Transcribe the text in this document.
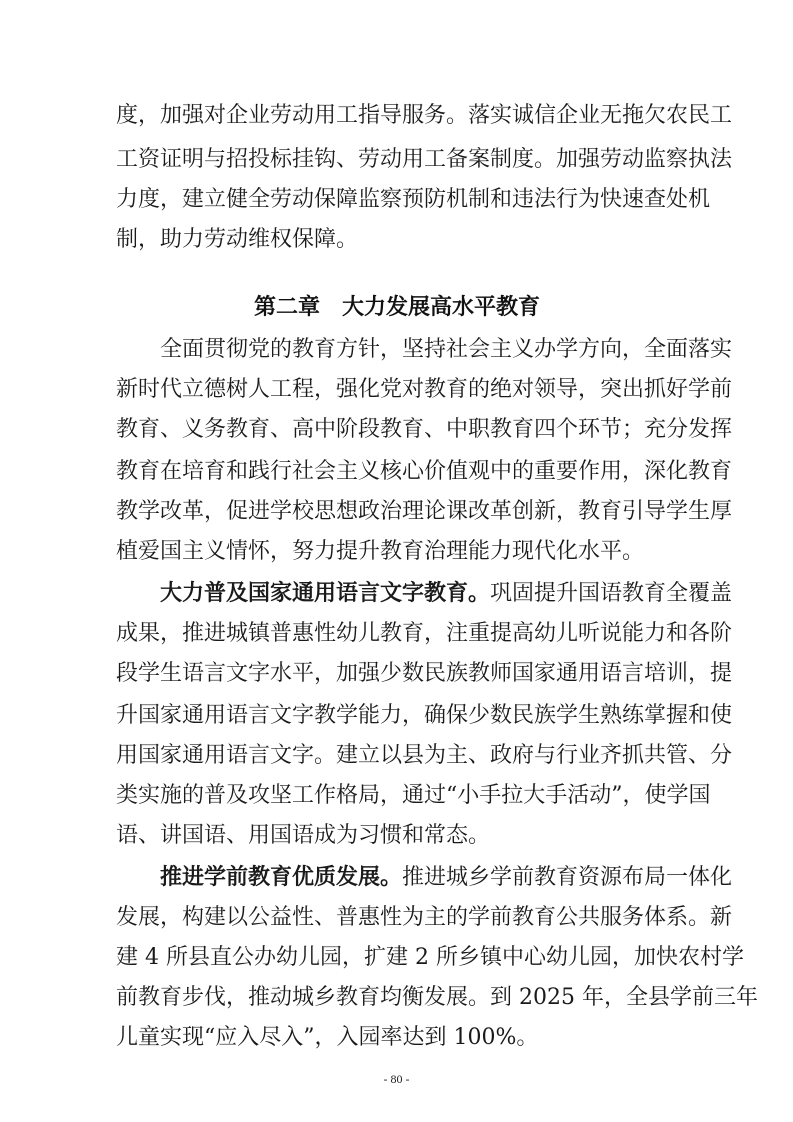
度，加强对企业劳动用工指导服务。落实诚信企业无拖欠农民工
工资证明与招投标挂钩、劳动用工备案制度。加强劳动监察执法
力度，建立健全劳动保障监察预防机制和违法行为快速查处机
制，助力劳动维权保障。
第二章　大力发展高水平教育
全面贯彻党的教育方针，坚持社会主义办学方向，全面落实
新时代立德树人工程，强化党对教育的绝对领导，突出抓好学前
教育、义务教育、高中阶段教育、中职教育四个环节；充分发挥
教育在培育和践行社会主义核心价值观中的重要作用，深化教育
教学改革，促进学校思想政治理论课改革创新，教育引导学生厚
植爱国主义情怀，努力提升教育治理能力现代化水平。
大力普及国家通用语言文字教育。巩固提升国语教育全覆盖
成果，推进城镇普惠性幼儿教育，注重提高幼儿听说能力和各阶
段学生语言文字水平，加强少数民族教师国家通用语言培训，提
升国家通用语言文字教学能力，确保少数民族学生熟练掌握和使
用国家通用语言文字。建立以县为主、政府与行业齐抓共管、分
类实施的普及攻坚工作格局，通过“小手拉大手活动”，使学国
语、讲国语、用国语成为习惯和常态。
推进学前教育优质发展。推进城乡学前教育资源布局一体化
发展，构建以公益性、普惠性为主的学前教育公共服务体系。新
建 4 所县直公办幼儿园，扩建 2 所乡镇中心幼儿园，加快农村学
前教育步伐，推动城乡教育均衡发展。到 2025 年，全县学前三年
儿童实现“应入尽入”，入园率达到 100%。
- 80 -
